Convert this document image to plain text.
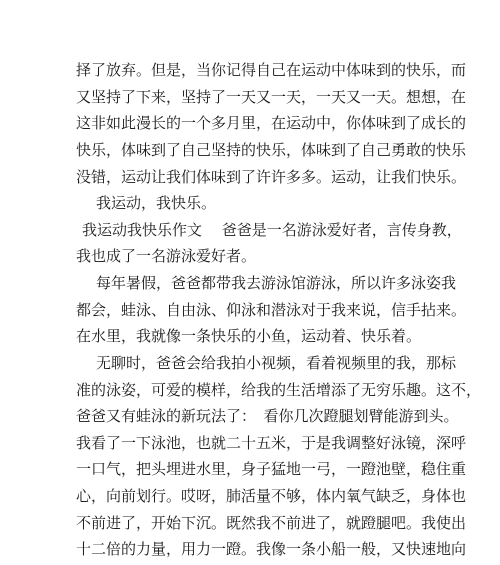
择了放弃。但是，当你记得自己在运动中体味到的快乐，而

又坚持了下来，坚持了一天又一天，一天又一天。想想，在

这非如此漫长的一个多月里，在运动中，你体味到了成长的

快乐，体味到了自己坚持的快乐，体味到了自己勇敢的快乐

没错，运动让我们体味到了许许多多。运动，让我们快乐。

我运动，我快乐。

我运动我快乐作文　 爸爸是一名游泳爱好者，言传身教，

我也成了一名游泳爱好者。

每年暑假，爸爸都带我去游泳馆游泳，所以许多泳姿我

都会，蛙泳、自由泳、仰泳和潜泳对于我来说，信手拈来。

在水里，我就像一条快乐的小鱼，运动着、快乐着。

无聊时，爸爸会给我拍小视频，看着视频里的我，那标

准的泳姿，可爱的模样，给我的生活增添了无穷乐趣。这不，

爸爸又有蛙泳的新玩法了：　看你几次蹬腿划臂能游到头。

我看了一下泳池，也就二十五米，于是我调整好泳镜，深呼

一口气，把头埋进水里，身子猛地一弓，一蹬池壁，稳住重

心，向前划行。哎呀，肺活量不够，体内氧气缺乏，身体也

不前进了，开始下沉。既然我不前进了，就蹬腿吧。我使出

十二倍的力量，用力一蹬。我像一条小船一般，又快速地向
